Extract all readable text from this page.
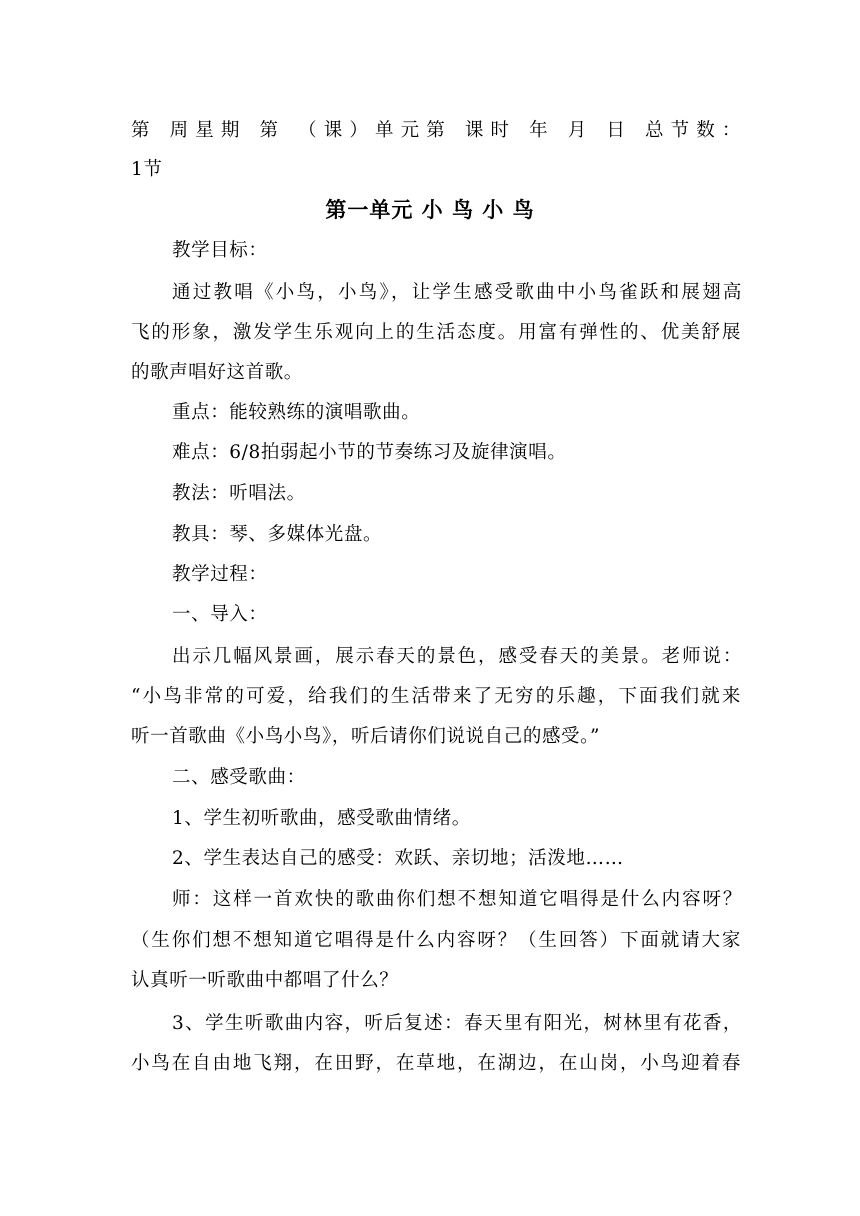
第 周星期 第 （课）单元第 课时 年 月 日 总节数：
1节
第一单元 小 鸟 小 鸟
教学目标：
通过教唱《小鸟，小鸟》，让学生感受歌曲中小鸟雀跃和展翅高
飞的形象，激发学生乐观向上的生活态度。用富有弹性的、优美舒展
的歌声唱好这首歌。
重点：能较熟练的演唱歌曲。
难点：6/8拍弱起小节的节奏练习及旋律演唱。
教法：听唱法。
教具：琴、多媒体光盘。
教学过程：
一、导入：
出示几幅风景画，展示春天的景色，感受春天的美景。老师说：
“小鸟非常的可爱，给我们的生活带来了无穷的乐趣，下面我们就来
听一首歌曲《小鸟小鸟》，听后请你们说说自己的感受。”
二、感受歌曲：
1、学生初听歌曲，感受歌曲情绪。
2、学生表达自己的感受：欢跃、亲切地；活泼地……
师：这样一首欢快的歌曲你们想不想知道它唱得是什么内容呀？
（生你们想不想知道它唱得是什么内容呀？（生回答）下面就请大家
认真听一听歌曲中都唱了什么？
3、学生听歌曲内容，听后复述：春天里有阳光，树林里有花香，
小鸟在自由地飞翔，在田野，在草地，在湖边，在山岗，小鸟迎着春
